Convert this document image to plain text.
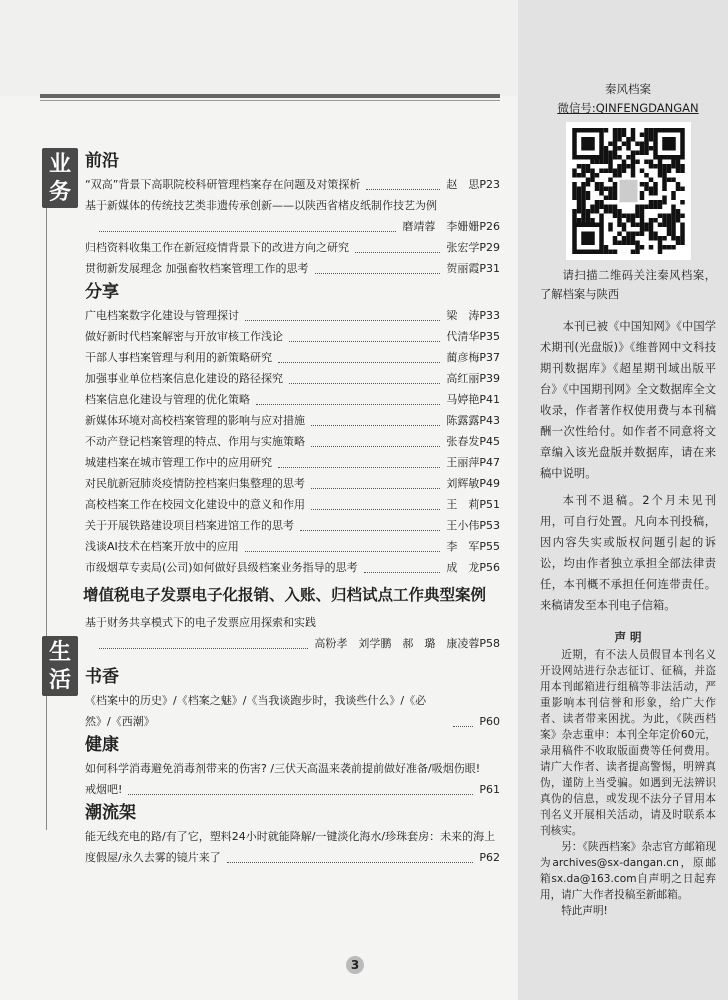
业务
生活
前沿
“双高”背景下高职院校科研管理档案存在问题及对策探析	赵　思 P23
基于新媒体的传统技艺类非遗传承创新——以陕西省楮皮纸制作技艺为例
磨靖蓉　李姗姗 P26
归档资料收集工作在新冠疫情背景下的改进方向之研究	张宏学 P29
贯彻新发展理念 加强畜牧档案管理工作的思考	贺丽霞 P31
分享
广电档案数字化建设与管理探讨	梁　涛 P33
做好新时代档案解密与开放审核工作浅论	代清华 P35
干部人事档案管理与利用的新策略研究	蔺彦梅 P37
加强事业单位档案信息化建设的路径探究	高红丽 P39
档案信息化建设与管理的优化策略	马婷艳 P41
新媒体环境对高校档案管理的影响与应对措施	陈露露 P43
不动产登记档案管理的特点、作用与实施策略	张春发 P45
城建档案在城市管理工作中的应用研究	王丽萍 P47
对民航新冠肺炎疫情防控档案归集整理的思考	刘辉敏 P49
高校档案工作在校园文化建设中的意义和作用	王　莉 P51
关于开展铁路建设项目档案进馆工作的思考	王小伟 P53
浅谈AI技术在档案开放中的应用	李　军 P55
市级烟草专卖局(公司)如何做好县级档案业务指导的思考	成　龙 P56
增值税电子发票电子化报销、入账、归档试点工作典型案例
基于财务共享模式下的电子发票应用探索和实践
高粉孝　刘学鹏　郝　璐　康凌蓉 P58
书香
《档案中的历史》/《档案之魅》/《当我谈跑步时，我谈些什么》/《必然》/《西潮》	P60
健康
如何科学消毒避免消毒剂带来的伤害? /三伏天高温来袭前提前做好准备/吸烟伤眼!
戒烟吧!	P61
潮流架
能无线充电的路/有了它，塑料24小时就能降解/一键淡化海水/珍珠套房：未来的海上
度假屋/永久去雾的镜片来了	P62
秦风档案
微信号:QINFENGDANGAN
请扫描二维码关注秦风档案，了解档案与陕西
本刊已被《中国知网》《中国学术期刊(光盘版)》《维普网中文科技期刊数据库》《超星期刊域出版平台》《中国期刊网》全文数据库全文收录，作者著作权使用费与本刊稿酬一次性给付。如作者不同意将文章编入该光盘版并数据库，请在来稿中说明。
本刊不退稿。2个月未见刊用，可自行处置。凡向本刊投稿，因内容失实或版权问题引起的诉讼，均由作者独立承担全部法律责任，本刊概不承担任何连带责任。来稿请发至本刊电子信箱。
声 明
近期，有不法人员假冒本刊名义开设网站进行杂志征订、征稿，并盗用本刊邮箱进行组稿等非法活动，严重影响本刊信誉和形象，给广大作者、读者带来困扰。为此，《陕西档案》杂志重申：本刊全年定价60元，录用稿件不收取版面费等任何费用。请广大作者、读者提高警惕，明辨真伪，谨防上当受骗。如遇到无法辨识真伪的信息，或发现不法分子冒用本刊名义开展相关活动，请及时联系本刊核实。
另：《陕西档案》杂志官方邮箱现为archives@sx-dangan.cn，原邮箱sx.da@163.com自声明之日起弃用，请广大作者投稿至新邮箱。
特此声明!
3
